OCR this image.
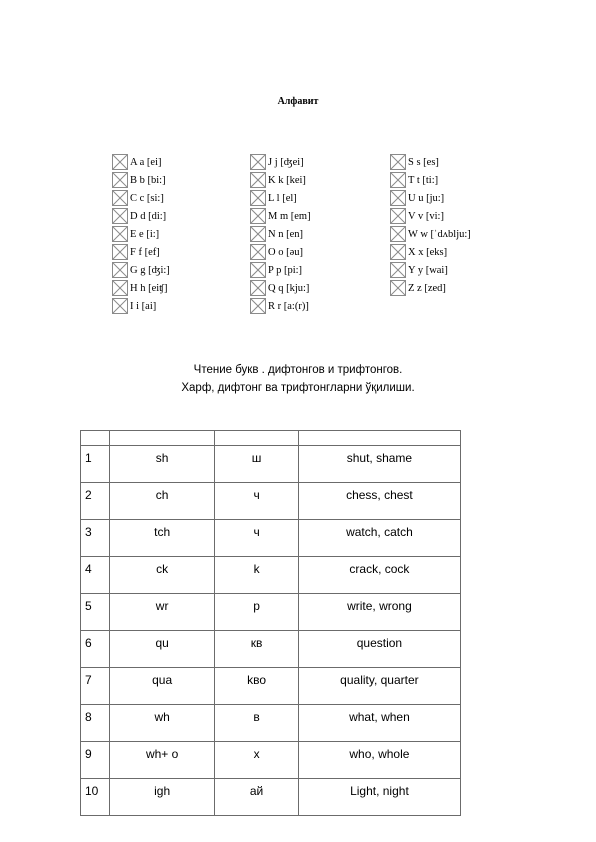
Алфавит
A a [ei]
B b [bi:]
C c [si:]
D d [di:]
E e [i:]
F f [ef]
G g [ʤi:]
H h [eiʧ]
I i [ai]
J j [ʤei]
K k [kei]
L l [el]
M m [em]
N n [en]
O o [əu]
P p [pi:]
Q q [kju:]
R r [a:(r)]
S s [es]
T t [ti:]
U u [ju:]
V v [vi:]
W w [ˈdʌblju:]
X x [eks]
Y y [wai]
Z z [zed]
Чтение букв . дифтонгов и трифтонгов.
Харф, дифтонг ва трифтонгларни ўқилиши.

1	sh	ш	shut, shame
2	ch	ч	chess, chest
3	tch	ч	watch, catch
4	ck	k	crack, cock
5	wr	р	write, wrong
6	qu	кв	question
7	qua	kво	quality, quarter
8	wh	в	what, when
9	wh+ o	х	who, whole
10	igh	ай	Light, night
